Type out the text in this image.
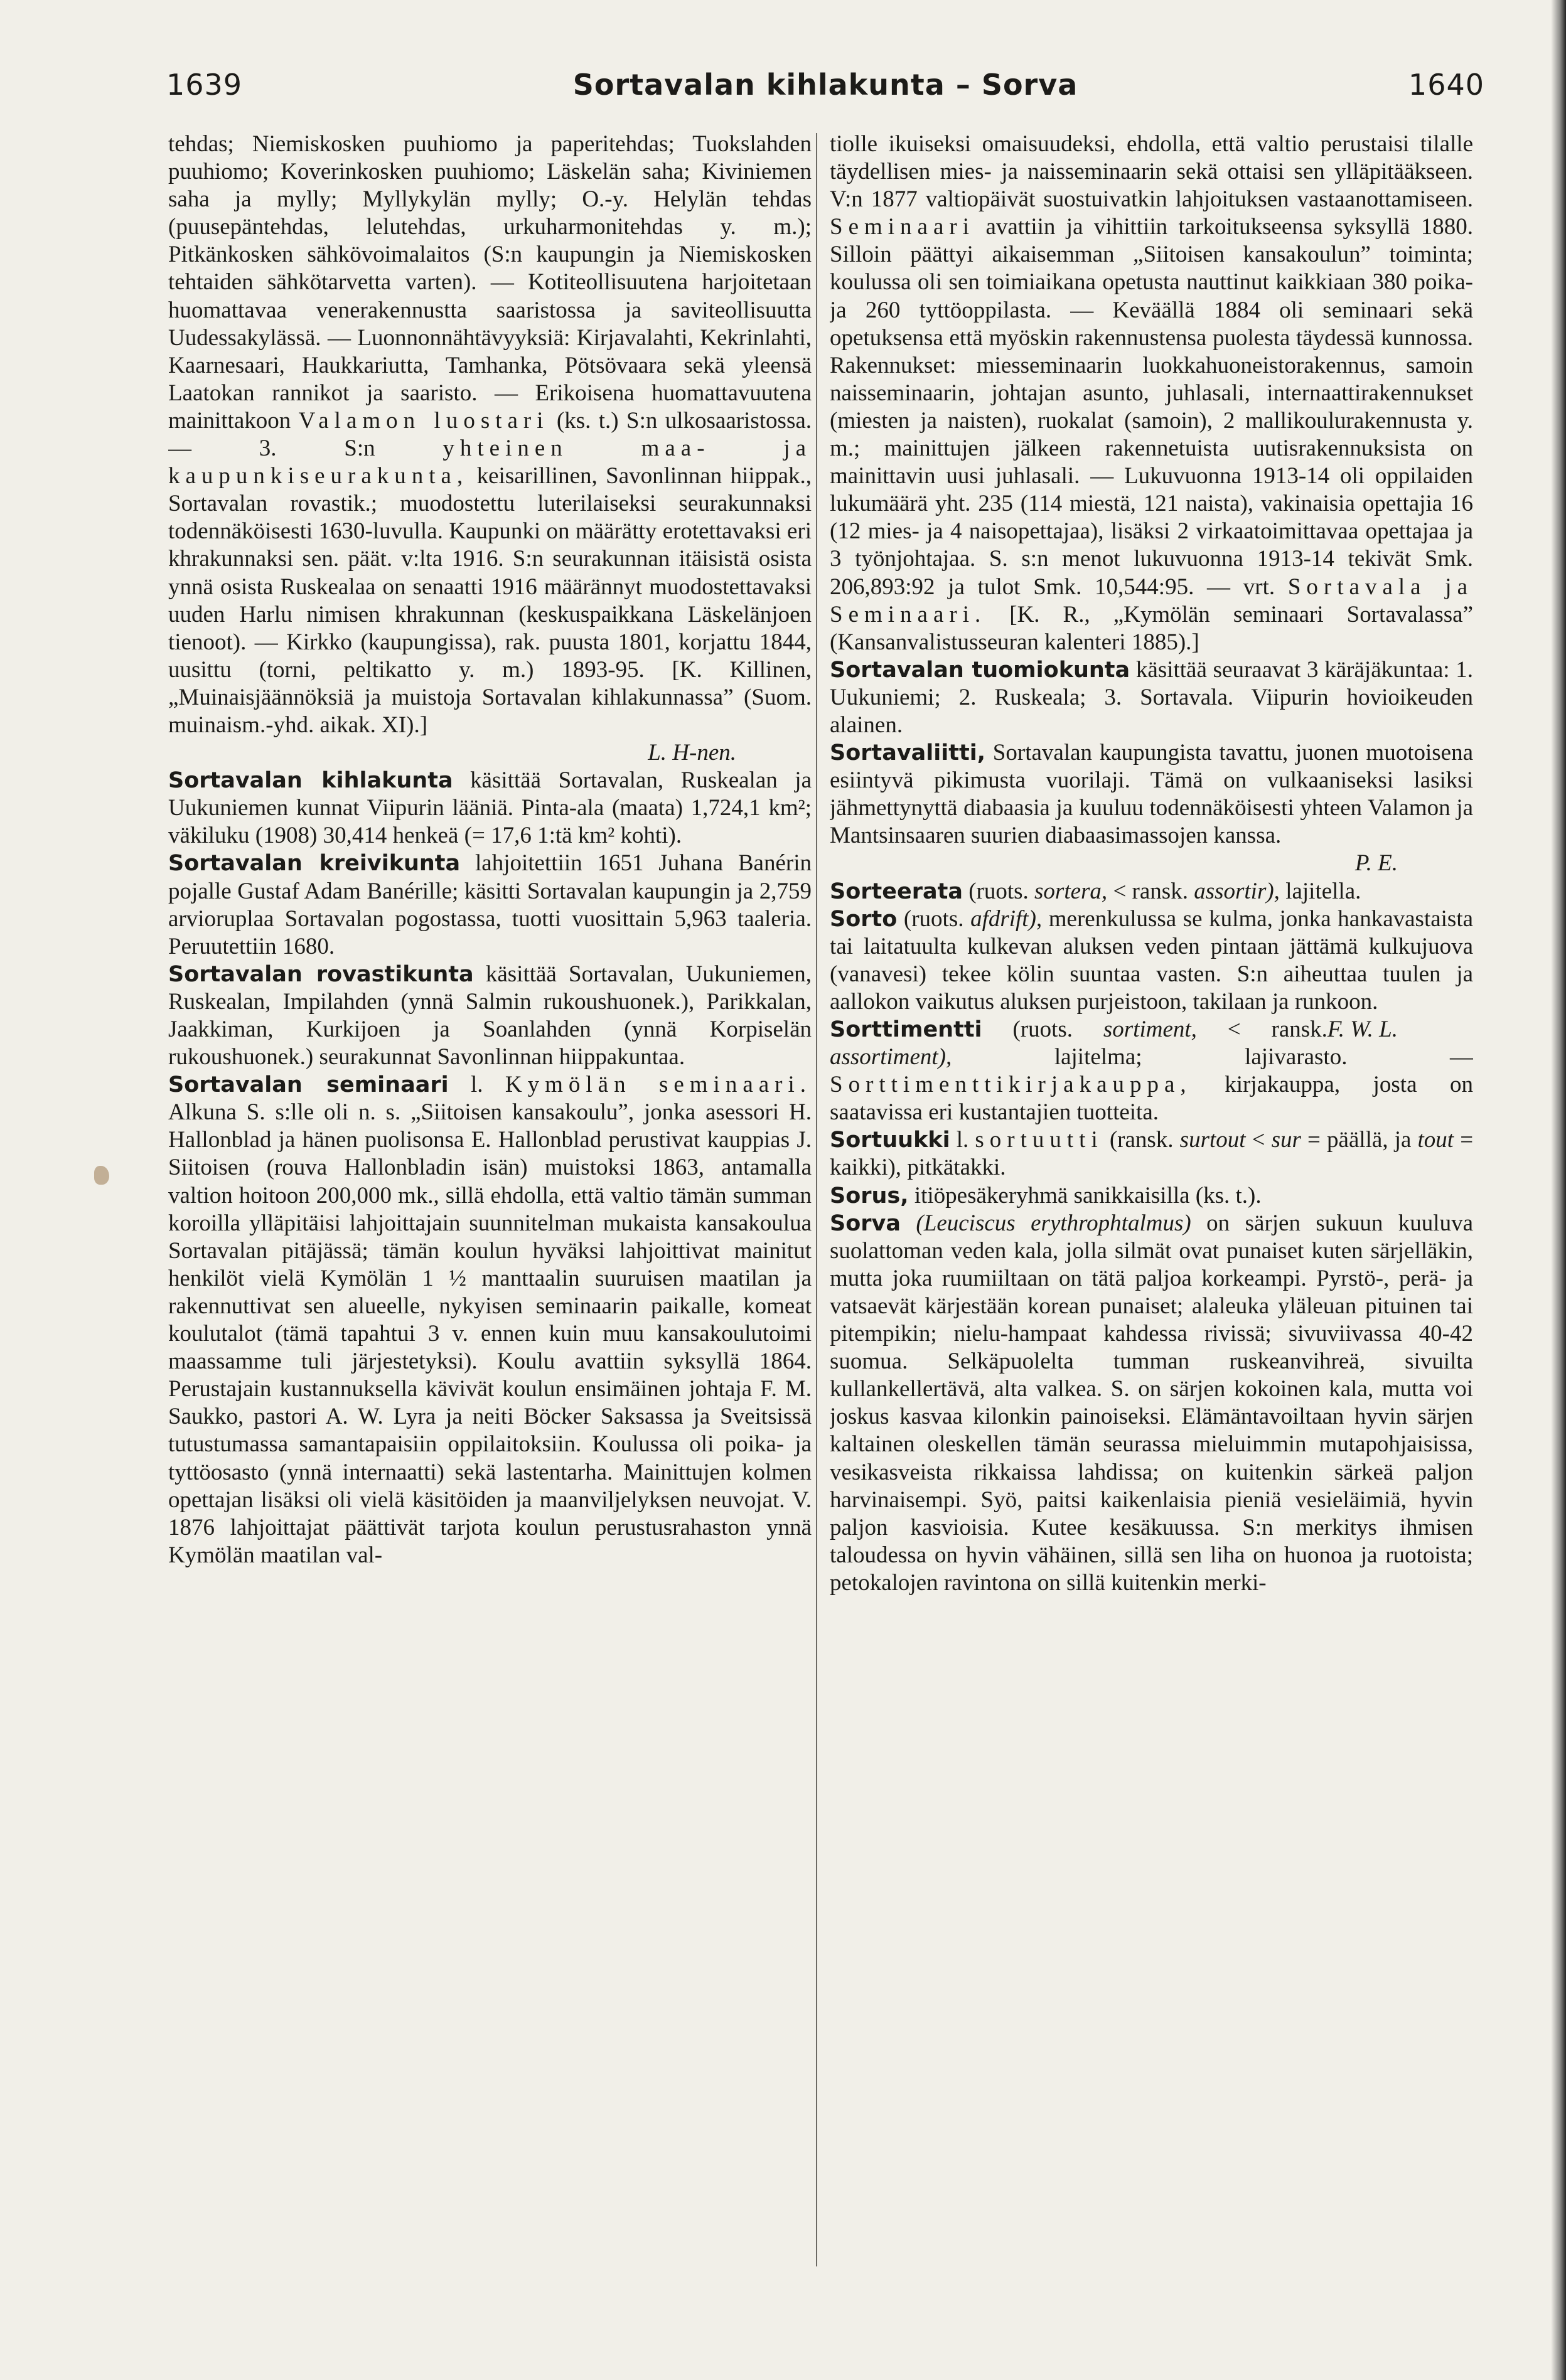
1639	Sortavalan kihlakunta – Sorva	1640

tehdas; Niemiskosken puuhiomo ja paperitehdas; Tuokslahden puuhiomo; Koverinkosken puuhiomo; Läskelän saha; Kiviniemen saha ja mylly; Myllykylän mylly; O.-y. Helylän tehdas (puusepäntehdas, lelutehdas, urkuharmonitehdas y. m.); Pitkänkosken sähkövoimalaitos (S:n kaupungin ja Niemiskosken tehtaiden sähkötarvetta varten). — Kotiteollisuutena harjoitetaan huomattavaa venerakennustta saaristossa ja saviteollisuutta Uudessakylässä. — Luonnonnähtävyyksiä: Kirjavalahti, Kekrinlahti, Kaarnesaari, Haukkariutta, Tamhanka, Pötsövaara sekä yleensä Laatokan rannikot ja saaristo. — Erikoisena huomattavuutena mainittakoon Valamon luostari (ks. t.) S:n ulkosaaristossa. — 3. S:n	yhteinen maa- ja kaupunkiseurakunta, keisarillinen, Savonlinnan hiippak., Sortavalan rovastik.; muodostettu luterilaiseksi seurakunnaksi todennäköisesti 1630-luvulla. Kaupunki on määrätty erotettavaksi eri khrakunnaksi sen. päät. v:lta 1916. S:n seurakunnan itäisistä osista ynnä osista Ruskealaa on senaatti 1916 määrännyt muodostettavaksi uuden Harlu nimisen khrakunnan (keskuspaikkana Läskelänjoen tienoot). — Kirkko (kaupungissa), rak. puusta 1801, korjattu 1844, uusittu (torni, peltikatto y. m.) 1893-95. [K. Killinen, „Muinaisjäännöksiä ja muistoja Sortavalan kihlakunnassa” (Suom. muinaism.-yhd. aikak. XI).]

L. H-nen.

Sortavalan kihlakunta käsittää Sortavalan, Ruskealan ja Uukuniemen kunnat Viipurin lääniä. Pinta-ala (maata) 1,724,1 km²; väkiluku (1908) 30,414 henkeä (= 17,6 1:tä km² kohti).

Sortavalan kreivikunta lahjoitettiin 1651 Juhana Banérin pojalle Gustaf Adam Banérille; käsitti Sortavalan kaupungin ja 2,759 arvioruplaa Sortavalan pogostassa, tuotti vuosittain 5,963 taaleria. Peruutettiin 1680.

Sortavalan rovastikunta käsittää Sortavalan, Uukuniemen, Ruskealan, Impilahden (ynnä Salmin rukoushuonek.), Parikkalan, Jaakkiman, Kurkijoen ja Soanlahden (ynnä Korpiselän rukoushuonek.) seurakunnat Savonlinnan hiippakuntaa.

Sortavalan seminaari l. Kymölän seminaari. Alkuna S. s:lle oli n. s. „Siitoisen kansakoulu”, jonka asessori H. Hallonblad ja hänen puolisonsa E. Hallonblad perustivat kauppias J. Siitoisen (rouva Hallonbladin isän) muistoksi 1863, antamalla valtion hoitoon 200,000 mk., sillä ehdolla, että valtio tämän summan koroilla ylläpitäisi lahjoittajain suunnitelman mukaista kansakoulua Sortavalan pitäjässä; tämän koulun hyväksi lahjoittivat mainitut henkilöt vielä Kymölän 1 ½ manttaalin suuruisen maatilan ja rakennuttivat sen alueelle, nykyisen seminaarin paikalle, komeat koulutalot (tämä tapahtui 3 v. ennen kuin muu kansakoulutoimi maassamme tuli järjestetyksi). Koulu avattiin syksyllä 1864. Perustajain kustannuksella kävivät koulun ensimäinen johtaja F. M. Saukko, pastori A. W. Lyra ja neiti Böcker Saksassa ja Sveitsissä tutustumassa samantapaisiin oppilaitoksiin. Koulussa oli poika- ja tyttöosasto (ynnä internaatti) sekä lastentarha. Mainittujen kolmen opettajan lisäksi oli vielä käsitöiden ja maanviljelyksen neuvojat. V. 1876 lahjoittajat päättivät tarjota koulun perustusrahaston ynnä Kymölän maatilan val-

tiolle ikuiseksi omaisuudeksi, ehdolla, että valtio perustaisi tilalle täydellisen mies- ja naisseminaarin sekä ottaisi sen ylläpitääkseen. V:n 1877 valtiopäivät suostuivatkin lahjoituksen vastaanottamiseen. Seminaari avattiin ja vihittiin tarkoitukseensa syksyllä 1880. Silloin päättyi aikaisemman „Siitoisen kansakoulun” toiminta; koulussa oli sen toimiaikana opetusta nauttinut kaikkiaan 380 poika- ja 260 tyttöoppilasta. — Keväällä 1884 oli seminaari sekä opetuksensa että myöskin rakennustensa puolesta täydessä kunnossa. Rakennukset: miesseminaarin luokkahuoneistorakennus, samoin naisseminaarin, johtajan asunto, juhlasali, internaattirakennukset (miesten ja naisten), ruokalat (samoin), 2 mallikoulurakennusta y. m.; mainittujen jälkeen rakennetuista uutisrakennuksista on mainittavin uusi juhlasali. — Lukuvuonna 1913-14 oli oppilaiden lukumäärä yht. 235 (114 miestä, 121 naista), vakinaisia opettajia 16 (12 mies- ja 4 naisopettajaa), lisäksi 2 virkaatoimittavaa opettajaa ja 3 työnjohtajaa. S. s:n menot lukuvuonna 1913-14 tekivät Smk. 206,893:92 ja tulot Smk. 10,544:95. — vrt. Sortavala ja Seminaari. [K. R., „Kymölän seminaari Sortavalassa” (Kansanvalistusseuran kalenteri 1885).]

Sortavalan tuomiokunta käsittää seuraavat 3 käräjäkuntaa: 1. Uukuniemi; 2. Ruskeala; 3. Sortavala. Viipurin hovioikeuden alainen.

Sortavaliitti, Sortavalan kaupungista tavattu, juonen muotoisena esiintyvä pikimusta vuorilaji. Tämä on vulkaaniseksi lasiksi jähmettynyttä diabaasia ja kuuluu todennäköisesti yhteen Valamon ja Mantsinsaaren suurien diabaasimassojen kanssa.

P. E.

Sorteerata (ruots. sortera, < ransk. assortir), lajitella.

Sorto (ruots. afdrift), merenkulussa se kulma, jonka hankavastaista tai laitatuulta kulkevan aluksen veden pintaan jättämä kulkujuova (vanavesi) tekee kölin suuntaa vasten. S:n aiheuttaa tuulen ja aallokon vaikutus aluksen purjeistoon, takilaan ja runkoon.
F. W. L.

Sorttimentti (ruots. sortiment, < ransk. assortiment),	lajitelma; lajivarasto. — Sorttimenttikirjakauppa, kirjakauppa, josta on saatavissa eri kustantajien tuotteita.

Sortuukki l. sortuutti (ransk. surtout < sur = päällä, ja tout = kaikki), pitkätakki.

Sorus, itiöpesäkeryhmä sanikkaisilla (ks. t.).

Sorva (Leuciscus erythrophtalmus) on särjen sukuun kuuluva suolattoman veden kala, jolla silmät ovat punaiset kuten särjelläkin, mutta joka ruumiiltaan on tätä paljoa korkeampi. Pyrstö-, perä- ja vatsaevät kärjestään korean punaiset; alaleuka yläleuan pituinen tai pitempikin; nielu-hampaat kahdessa rivissä; sivuviivassa 40-42 suomua. Selkäpuolelta tumman ruskeanvihreä, sivuilta kullankellertävä, alta valkea. S. on särjen kokoinen kala, mutta voi joskus kasvaa kilonkin painoiseksi. Elämäntavoiltaan hyvin särjen kaltainen oleskellen tämän seurassa mieluimmin mutapohjaisissa, vesikasveista rikkaissa lahdissa; on kuitenkin särkeä paljon harvinaisempi. Syö, paitsi kaikenlaisia pieniä vesieläimiä, hyvin paljon kasvioisia. Kutee kesäkuussa. S:n merkitys ihmisen taloudessa on hyvin vähäinen, sillä sen liha on huonoa ja ruotoista; petokalojen ravintona on sillä kuitenkin merki-
